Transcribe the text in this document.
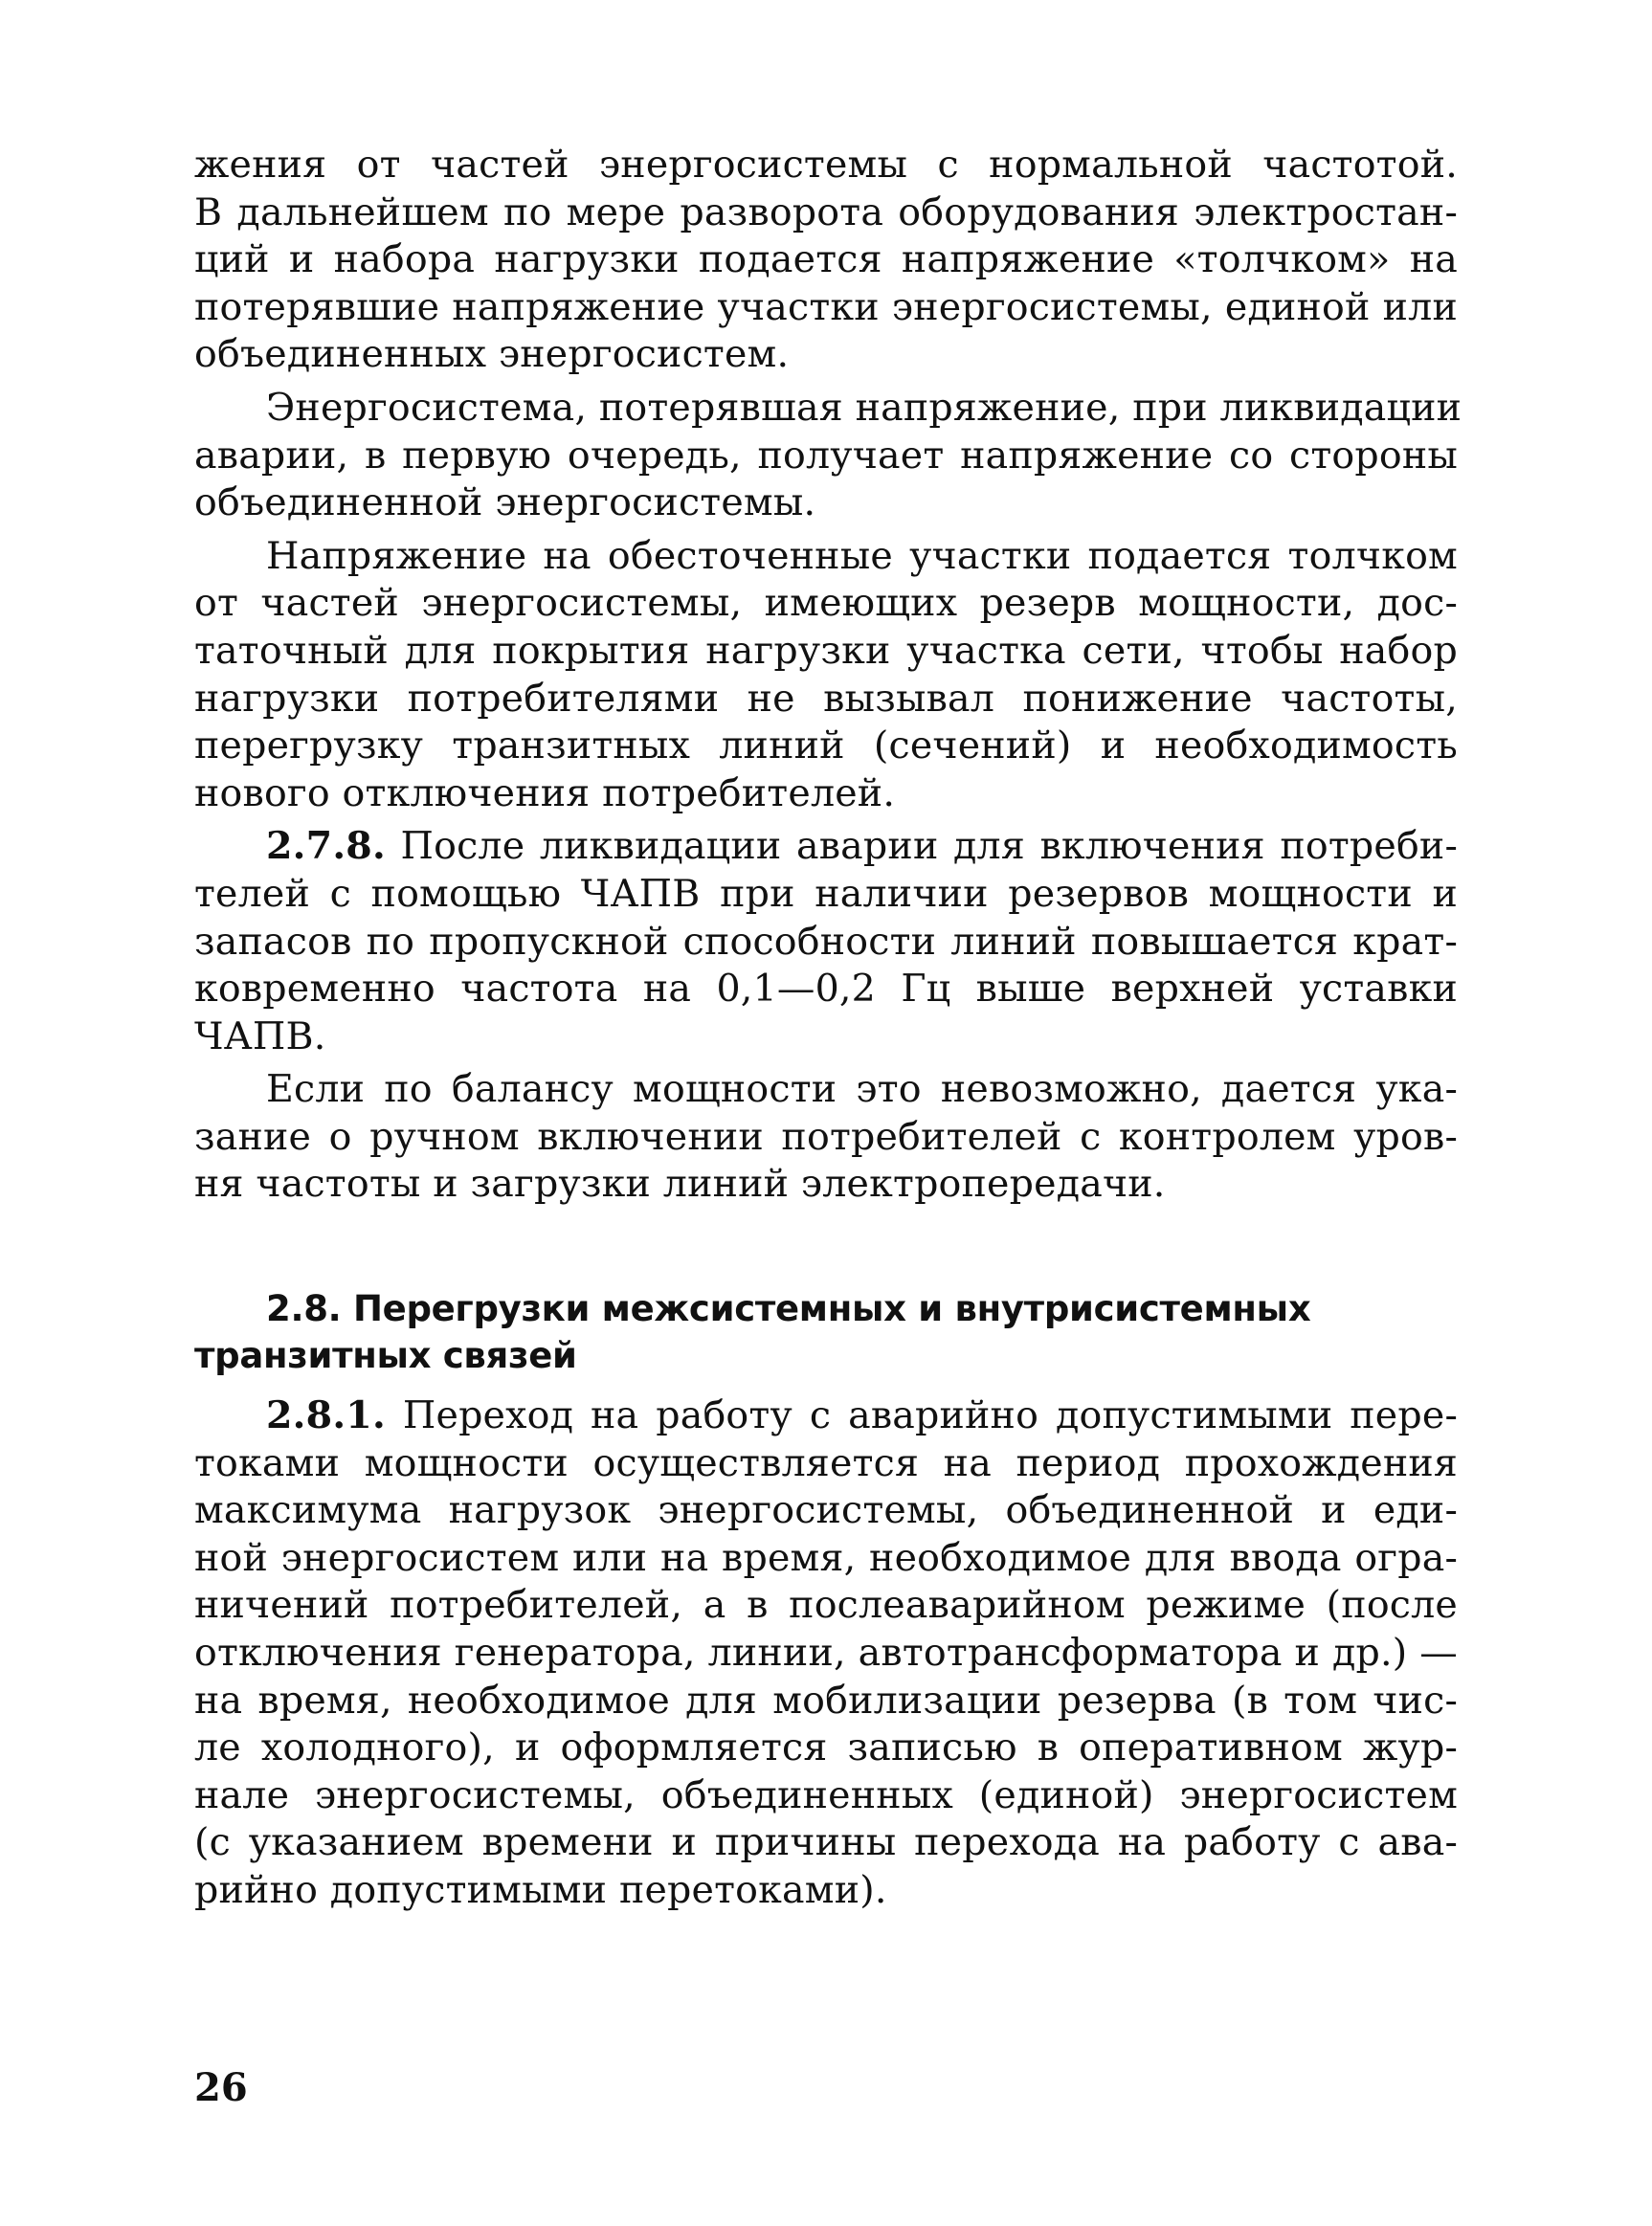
жения от частей энергосистемы с нормальной частотой.
В дальнейшем по мере разворота оборудования электростан-
ций и набора нагрузки подается напряжение «толчком» на
потерявшие напряжение участки энергосистемы, единой или
объединенных энергосистем.
Энергосистема, потерявшая напряжение, при ликвидации
аварии, в первую очередь, получает напряжение со стороны
объединенной энергосистемы.
Напряжение на обесточенные участки подается толчком
от частей энергосистемы, имеющих резерв мощности, дос-
таточный для покрытия нагрузки участка сети, чтобы набор
нагрузки потребителями не вызывал понижение частоты,
перегрузку транзитных линий (сечений) и необходимость
нового отключения потребителей.
2.7.8. После ликвидации аварии для включения потреби-
телей с помощью ЧАПВ при наличии резервов мощности и
запасов по пропускной способности линий повышается крат-
ковременно частота на 0,1—0,2 Гц выше верхней уставки
ЧАПВ.
Если по балансу мощности это невозможно, дается ука-
зание о ручном включении потребителей с контролем уров-
ня частоты и загрузки линий электропередачи.
2.8. Перегрузки межсистемных и внутрисистемных
транзитных связей
2.8.1. Переход на работу с аварийно допустимыми пере-
токами мощности осуществляется на период прохождения
максимума нагрузок энергосистемы, объединенной и еди-
ной энергосистем или на время, необходимое для ввода огра-
ничений потребителей, а в послеаварийном режиме (после
отключения генератора, линии, автотрансформатора и др.) —
на время, необходимое для мобилизации резерва (в том чис-
ле холодного), и оформляется записью в оперативном жур-
нале энергосистемы, объединенных (единой) энергосистем
(с указанием времени и причины перехода на работу с ава-
рийно допустимыми перетоками).
26
